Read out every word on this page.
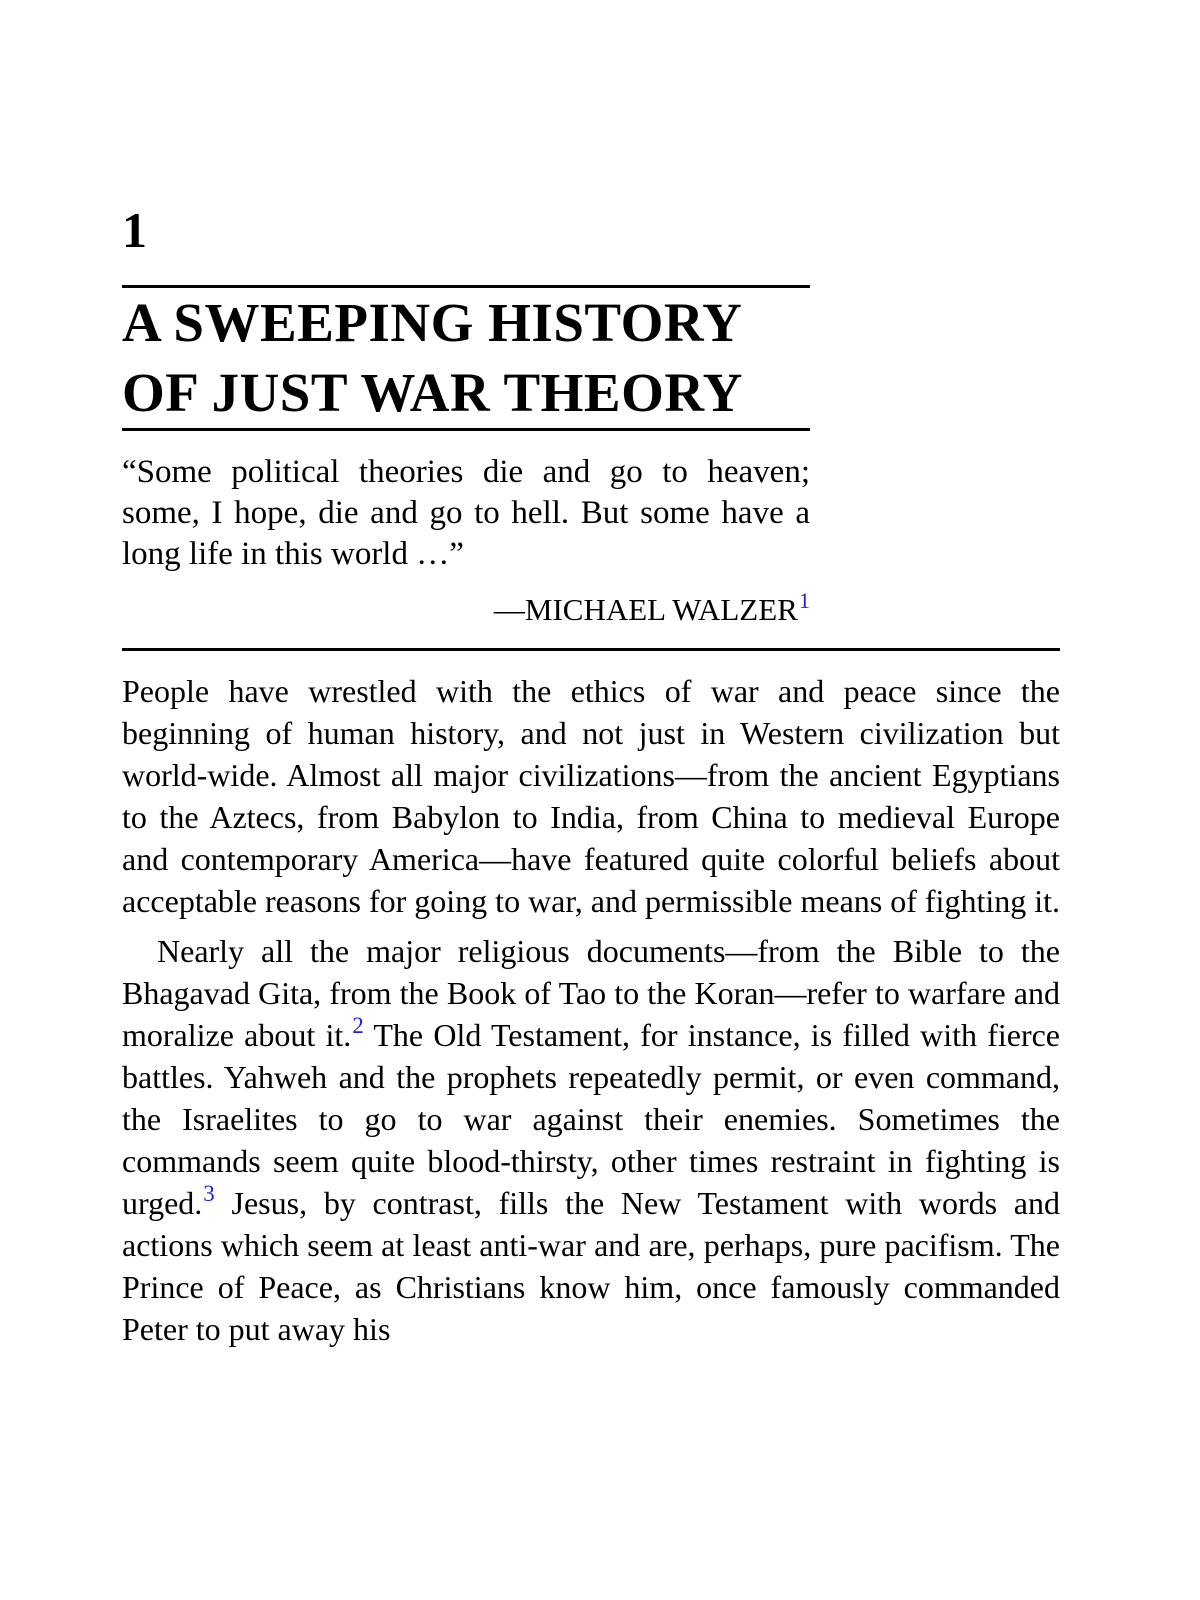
1
A SWEEPING HISTORY
OF JUST WAR THEORY

“Some political theories die and go to heaven; some, I hope, die and go to hell. But some have a long life in this world …”

—MICHAEL WALZER$^1$

People have wrestled with the ethics of war and peace since the beginning of human history, and not just in Western civilization but world-wide. Almost all major civilizations—from the ancient Egyptians to the Aztecs, from Babylon to India, from China to medieval Europe and contemporary America—have featured quite colorful beliefs about acceptable reasons for going to war, and permissible means of fighting it.

Nearly all the major religious documents—from the Bible to the Bhagavad Gita, from the Book of Tao to the Koran—refer to warfare and moralize about it.$^2$ The Old Testament, for instance, is filled with fierce battles. Yahweh and the prophets repeatedly permit, or even command, the Israelites to go to war against their enemies. Sometimes the commands seem quite blood-thirsty, other times restraint in fighting is urged.$^3$ Jesus, by contrast, fills the New Testament with words and actions which seem at least anti-war and are, perhaps, pure pacifism. The Prince of Peace, as Christians know him, once famously commanded Peter to put away his
